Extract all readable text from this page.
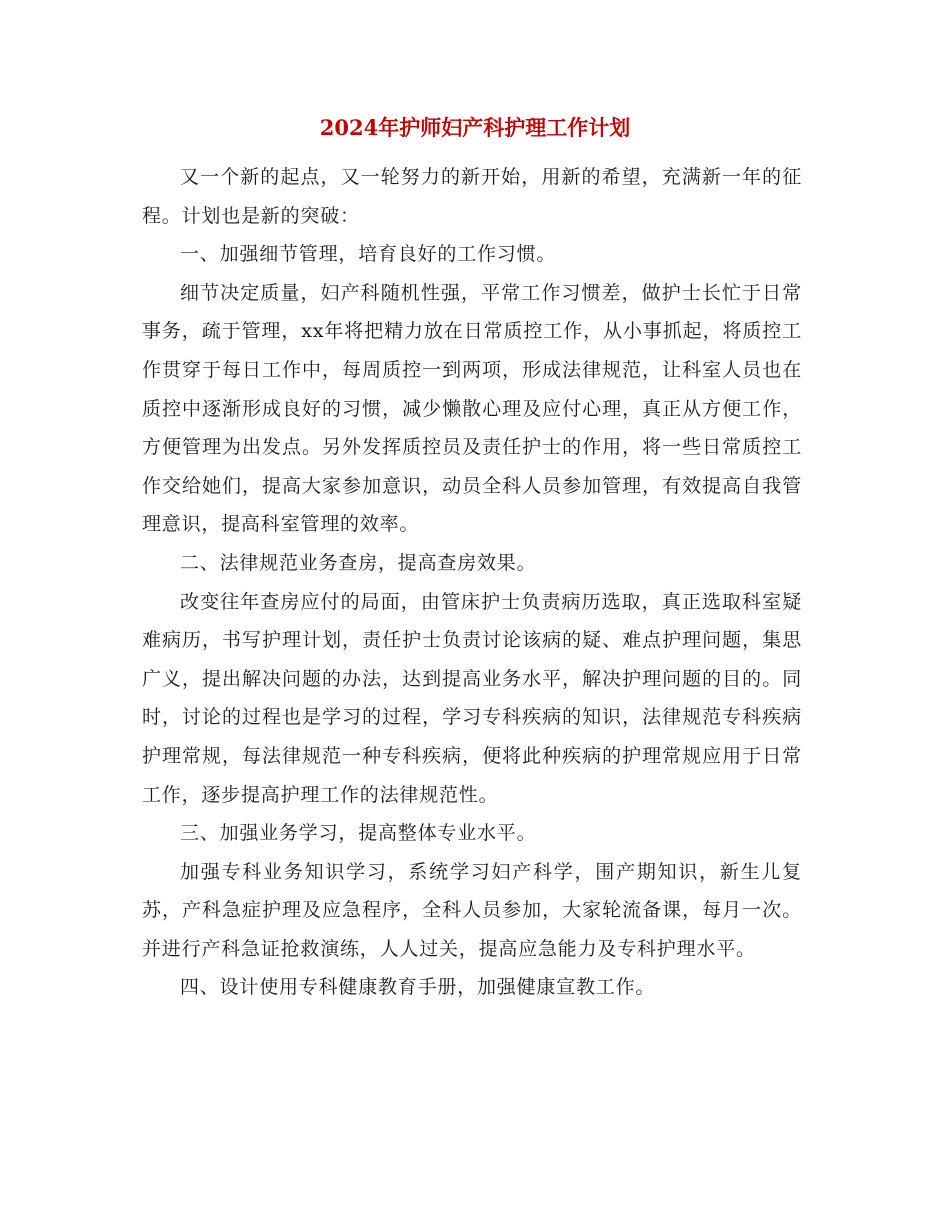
2024年护师妇产科护理工作计划

又一个新的起点，又一轮努力的新开始，用新的希望，充满新一年的征程。计划也是新的突破：

一、加强细节管理，培育良好的工作习惯。

细节决定质量，妇产科随机性强，平常工作习惯差，做护士长忙于日常事务，疏于管理，xx年将把精力放在日常质控工作，从小事抓起，将质控工作贯穿于每日工作中，每周质控一到两项，形成法律规范，让科室人员也在质控中逐渐形成良好的习惯，减少懒散心理及应付心理，真正从方便工作，方便管理为出发点。另外发挥质控员及责任护士的作用，将一些日常质控工作交给她们，提高大家参加意识，动员全科人员参加管理，有效提高自我管理意识，提高科室管理的效率。

二、法律规范业务查房，提高查房效果。

改变往年查房应付的局面，由管床护士负责病历选取，真正选取科室疑难病历，书写护理计划，责任护士负责讨论该病的疑、难点护理问题，集思广义，提出解决问题的办法，达到提高业务水平，解决护理问题的目的。同时，讨论的过程也是学习的过程，学习专科疾病的知识，法律规范专科疾病护理常规，每法律规范一种专科疾病，便将此种疾病的护理常规应用于日常工作，逐步提高护理工作的法律规范性。

三、加强业务学习，提高整体专业水平。

加强专科业务知识学习，系统学习妇产科学，围产期知识，新生儿复苏，产科急症护理及应急程序，全科人员参加，大家轮流备课，每月一次。并进行产科急证抢救演练，人人过关，提高应急能力及专科护理水平。

四、设计使用专科健康教育手册，加强健康宣教工作。
